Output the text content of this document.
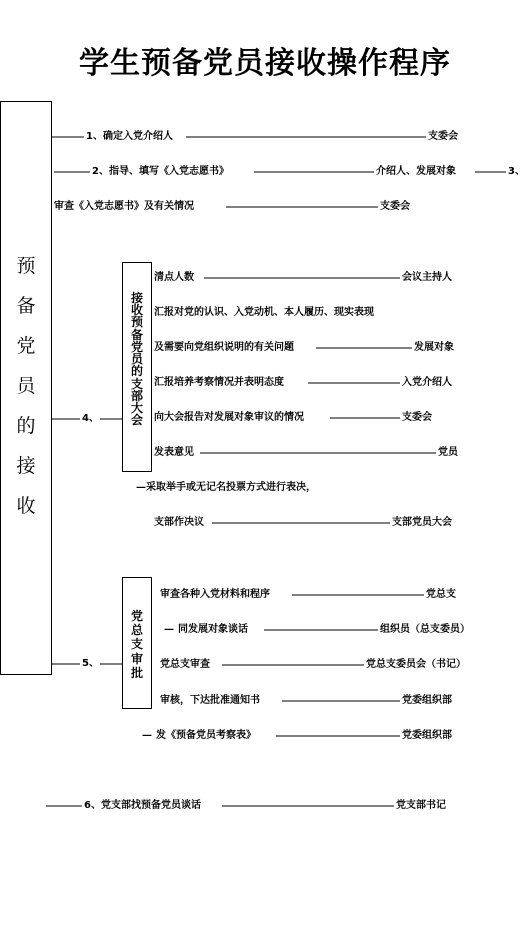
学生预备党员接收操作程序
预
备
党
员
的
接
收
1、确定入党介绍人	支委会
2、指导、填写《入党志愿书》	介绍人、发展对象	3、
审查《入党志愿书》及有关情况	支委会
4、
接
收
预
备
党
员
的
支
部
大
会
清点人数	会议主持人
汇报对党的认识、入党动机、本人履历、现实表现
及需要向党组织说明的有关问题	发展对象
汇报培养考察情况并表明态度	入党介绍人
向大会报告对发展对象审议的情况	支委会
发表意见	党员
—采取举手或无记名投票方式进行表决，
支部作决议	支部党员大会
5、
党
总
支
审
批
审查各种入党材料和程序	党总支
— 同发展对象谈话	组织员（总支委员）
党总支审查	党总支委员会（书记）
审核，下达批准通知书	党委组织部
— 发《预备党员考察表》	党委组织部
6、党支部找预备党员谈话	党支部书记
